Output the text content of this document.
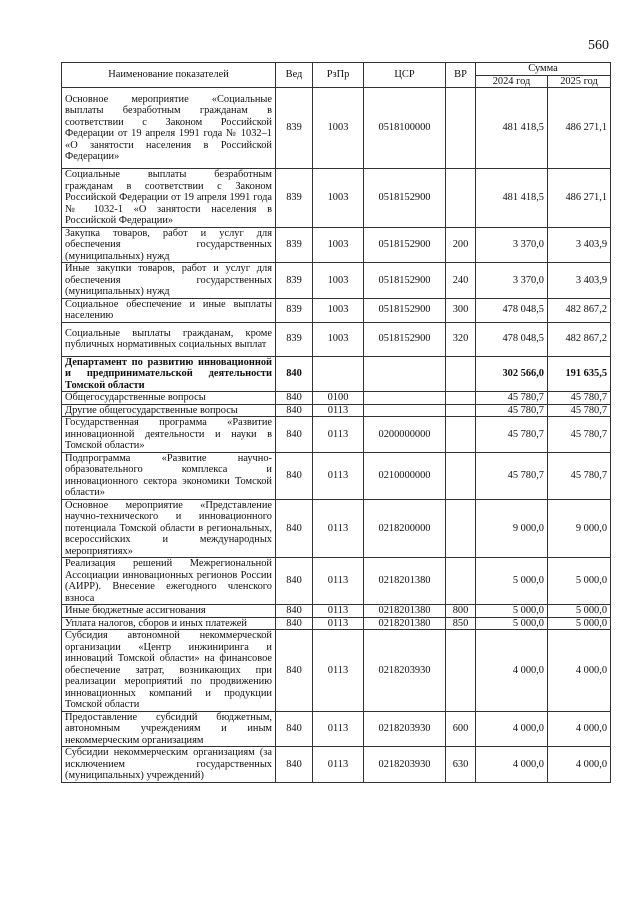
560
Наименование показателей	Вед	РзПр	ЦСР	ВР	Сумма	
					2024 год	2025 год
Основное мероприятие «Социальные выплаты безработным гражданам в соответствии с Законом Российской Федерации от 19 апреля 1991 года № 1032–1 «О занятости населения в Российской Федерации»	839	1003	0518100000		481 418,5	486 271,1
Социальные выплаты безработным гражданам в соответствии с Законом Российской Федерации от 19 апреля 1991 года № 1032-1 «О занятости населения в Российской Федерации»	839	1003	0518152900		481 418,5	486 271,1
Закупка товаров, работ и услуг для обеспечения государственных (муниципальных) нужд	839	1003	0518152900	200	3 370,0	3 403,9
Иные закупки товаров, работ и услуг для обеспечения государственных (муниципальных) нужд	839	1003	0518152900	240	3 370,0	3 403,9
Социальное обеспечение и иные выплаты населению	839	1003	0518152900	300	478 048,5	482 867,2
Социальные выплаты гражданам, кроме публичных нормативных социальных выплат	839	1003	0518152900	320	478 048,5	482 867,2
Департамент по развитию инновационной и предпринимательской деятельности Томской области	840				302 566,0	191 635,5
Общегосударственные вопросы	840	0100			45 780,7	45 780,7
Другие общегосударственные вопросы	840	0113			45 780,7	45 780,7
Государственная программа «Развитие инновационной деятельности и науки в Томской области»	840	0113	0200000000		45 780,7	45 780,7
Подпрограмма «Развитие научно-образовательного комплекса и инновационного сектора экономики Томской области»	840	0113	0210000000		45 780,7	45 780,7
Основное мероприятие «Представление научно-технического и инновационного потенциала Томской области в региональных, всероссийских и международных мероприятиях»	840	0113	0218200000		9 000,0	9 000,0
Реализация решений Межрегиональной Ассоциации инновационных регионов России (АИРР). Внесение ежегодного членского взноса	840	0113	0218201380		5 000,0	5 000,0
Иные бюджетные ассигнования	840	0113	0218201380	800	5 000,0	5 000,0
Уплата налогов, сборов и иных платежей	840	0113	0218201380	850	5 000,0	5 000,0
Субсидия автономной некоммерческой организации «Центр инжиниринга и инноваций Томской области» на финансовое обеспечение затрат, возникающих при реализации мероприятий по продвижению инновационных компаний и продукции Томской области	840	0113	0218203930		4 000,0	4 000,0
Предоставление субсидий бюджетным, автономным учреждениям и иным некоммерческим организациям	840	0113	0218203930	600	4 000,0	4 000,0
Субсидии некоммерческим организациям (за исключением государственных (муниципальных) учреждений)	840	0113	0218203930	630	4 000,0	4 000,0
